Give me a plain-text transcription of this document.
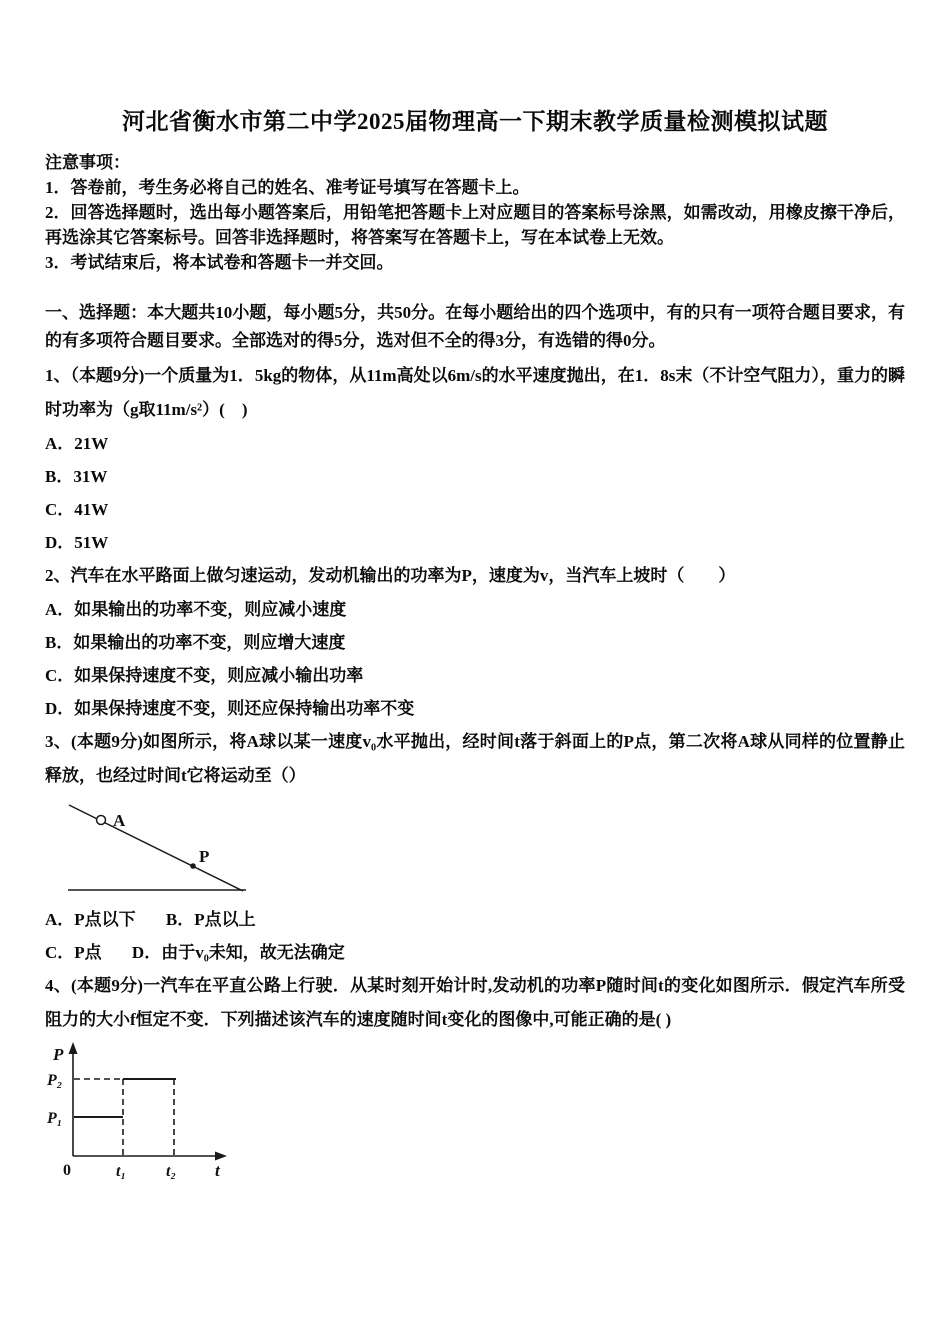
河北省衡水市第二中学2025届物理高一下期末教学质量检测模拟试题
注意事项：
1．答卷前，考生务必将自己的姓名、准考证号填写在答题卡上。
2．回答选择题时，选出每小题答案后，用铅笔把答题卡上对应题目的答案标号涂黑，如需改动，用橡皮擦干净后，再选涂其它答案标号。回答非选择题时，将答案写在答题卡上，写在本试卷上无效。
3．考试结束后，将本试卷和答题卡一并交回。
一、选择题：本大题共10小题，每小题5分，共50分。在每小题给出的四个选项中，有的只有一项符合题目要求，有的有多项符合题目要求。全部选对的得5分，选对但不全的得3分，有选错的得0分。

1、（本题9分)一个质量为1．5kg的物体，从11m高处以6m/s的水平速度抛出，在1．8s末（不计空气阻力），重力的瞬时功率为（g取11m/s²）(　)

A．21W
B．31W
C．41W
D．51W

2、汽车在水平路面上做匀速运动，发动机输出的功率为P，速度为v，当汽车上坡时（　　）

A．如果输出的功率不变，则应减小速度
B．如果输出的功率不变，则应增大速度
C．如果保持速度不变，则应减小输出功率
D．如果保持速度不变，则还应保持输出功率不变

3、(本题9分)如图所示，将A球以某一速度v₀水平抛出，经时间t落于斜面上的P点，第二次将A球从同样的位置静止释放，也经过时间t它将运动至（）

A
P
A．P点以下 B．P点以上
C．P点 D．由于v₀未知，故无法确定

4、(本题9分)一汽车在平直公路上行驶．从某时刻开始计时,发动机的功率P随时间t的变化如图所示．假定汽车所受阻力的大小f恒定不变．下列描述该汽车的速度随时间t变化的图像中,可能正确的是( )

P
P₂
P₁
0	t₁ t₂ t
